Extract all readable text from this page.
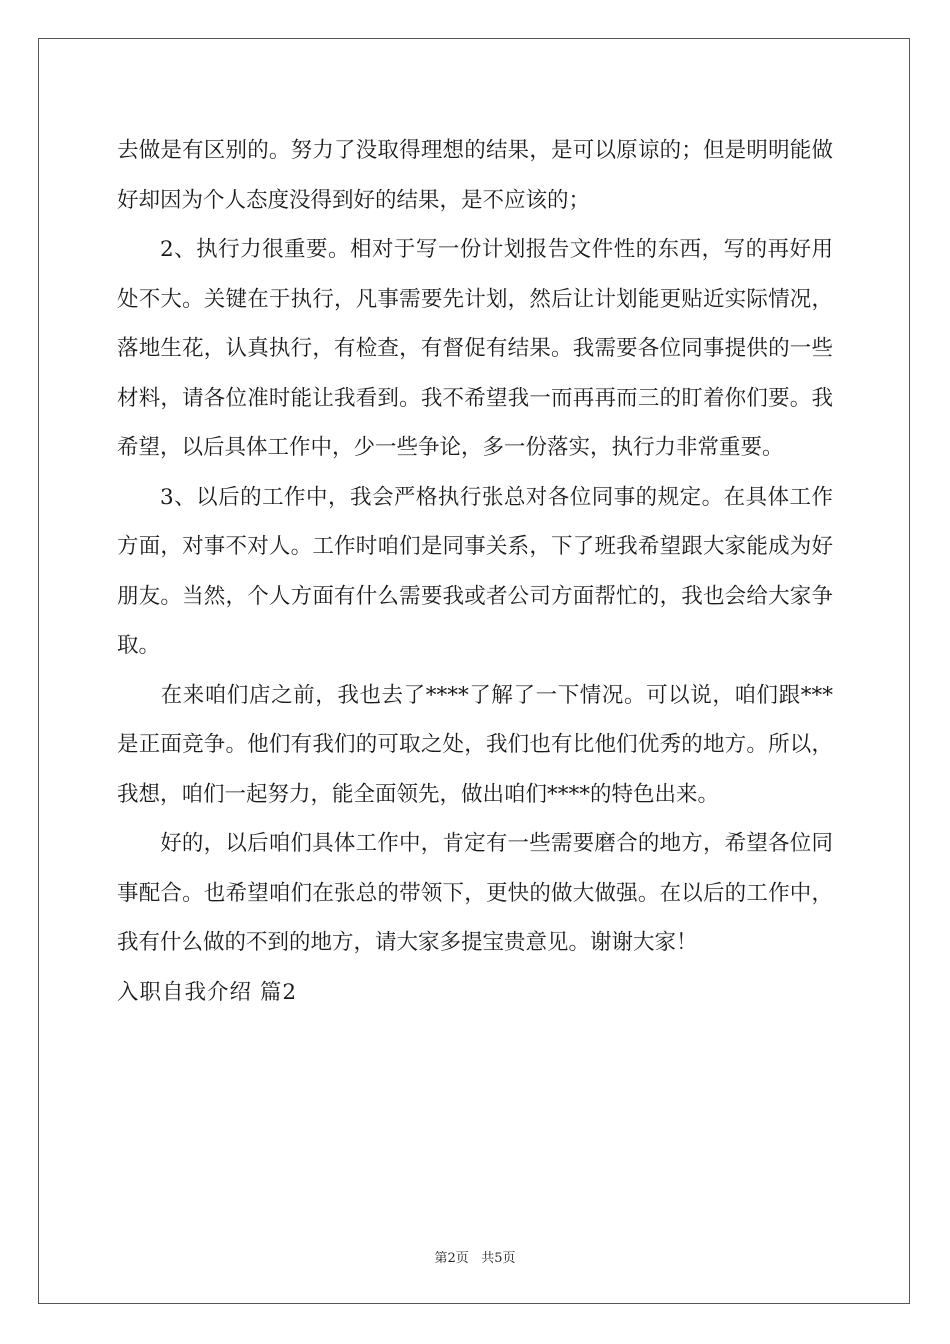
去做是有区别的。努力了没取得理想的结果，是可以原谅的；但是明明能做好却因为个人态度没得到好的结果，是不应该的；

2、执行力很重要。相对于写一份计划报告文件性的东西，写的再好用处不大。关键在于执行，凡事需要先计划，然后让计划能更贴近实际情况，落地生花，认真执行，有检查，有督促有结果。我需要各位同事提供的一些材料，请各位准时能让我看到。我不希望我一而再再而三的盯着你们要。我希望，以后具体工作中，少一些争论，多一份落实，执行力非常重要。

3、以后的工作中，我会严格执行张总对各位同事的规定。在具体工作方面，对事不对人。工作时咱们是同事关系，下了班我希望跟大家能成为好朋友。当然，个人方面有什么需要我或者公司方面帮忙的，我也会给大家争取。

在来咱们店之前，我也去了****了解了一下情况。可以说，咱们跟***是正面竞争。他们有我们的可取之处，我们也有比他们优秀的地方。所以，我想，咱们一起努力，能全面领先，做出咱们****的特色出来。

好的，以后咱们具体工作中，肯定有一些需要磨合的地方，希望各位同事配合。也希望咱们在张总的带领下，更快的做大做强。在以后的工作中，我有什么做的不到的地方，请大家多提宝贵意见。谢谢大家！

入职自我介绍 篇2

第2页 共5页
